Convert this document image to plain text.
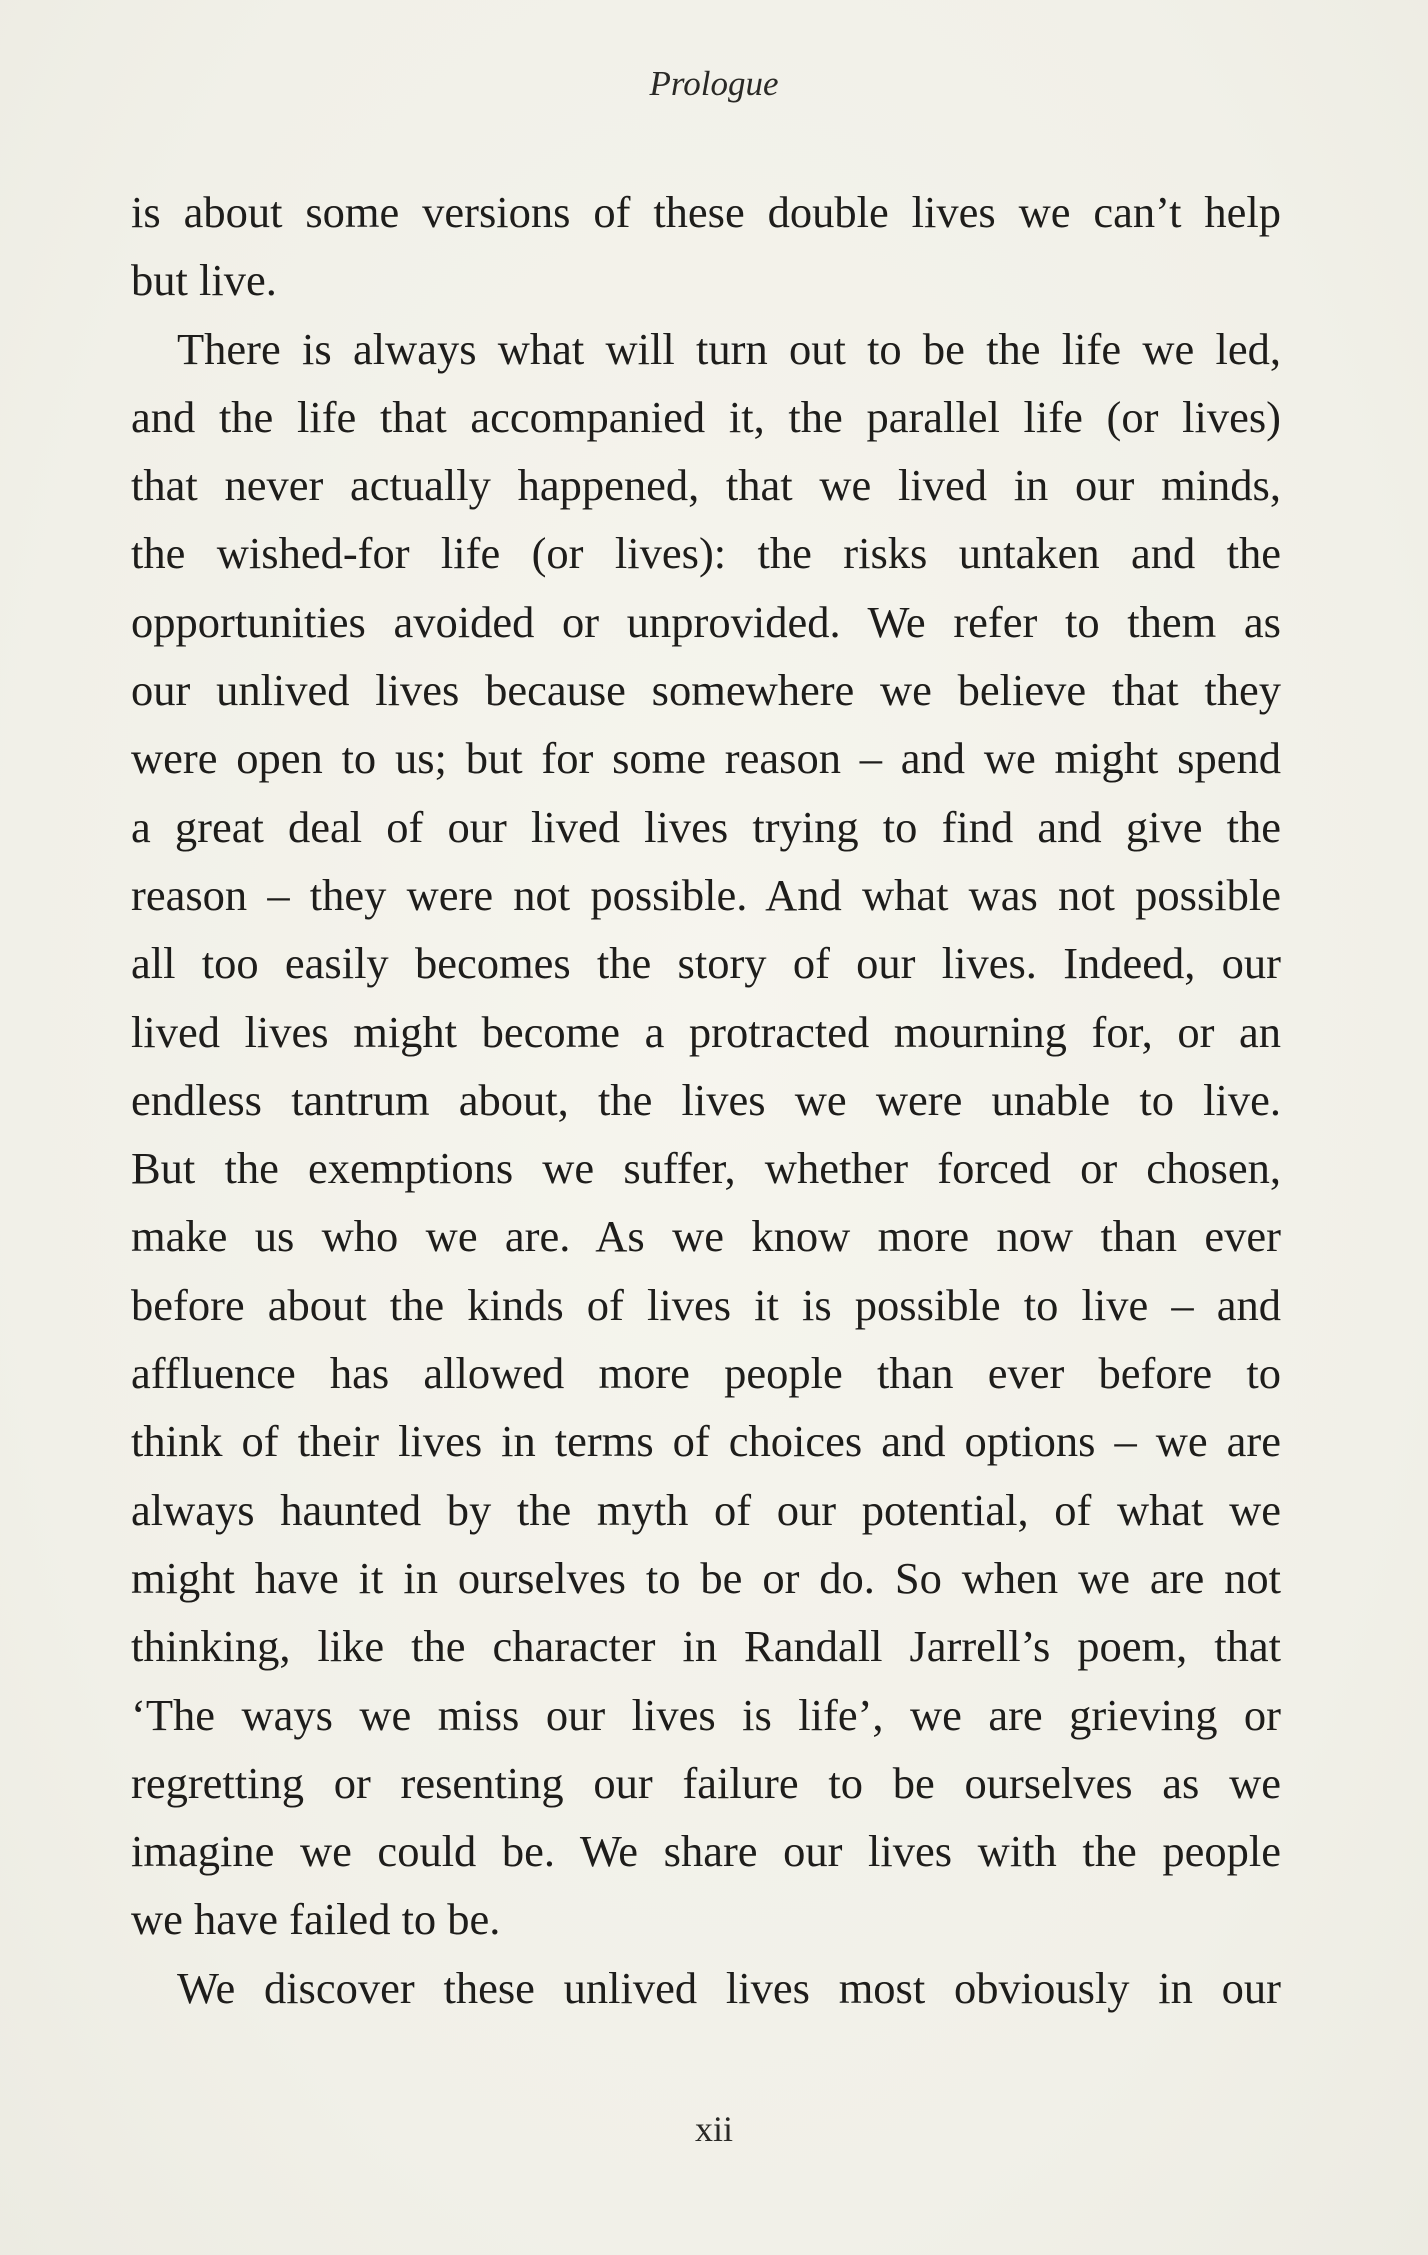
Prologue
is about some versions of these double lives we can’t help
but live.
There is always what will turn out to be the life we led,
and the life that accompanied it, the parallel life (or lives)
that never actually happened, that we lived in our minds,
the wished-for life (or lives): the risks untaken and the
opportunities avoided or unprovided. We refer to them as
our unlived lives because somewhere we believe that they
were open to us; but for some reason – and we might spend
a great deal of our lived lives trying to find and give the
reason – they were not possible. And what was not possible
all too easily becomes the story of our lives. Indeed, our
lived lives might become a protracted mourning for, or an
endless tantrum about, the lives we were unable to live.
But the exemptions we suffer, whether forced or chosen,
make us who we are. As we know more now than ever
before about the kinds of lives it is possible to live – and
affluence has allowed more people than ever before to
think of their lives in terms of choices and options – we are
always haunted by the myth of our potential, of what we
might have it in ourselves to be or do. So when we are not
thinking, like the character in Randall Jarrell’s poem, that
‘The ways we miss our lives is life’, we are grieving or
regretting or resenting our failure to be ourselves as we
imagine we could be. We share our lives with the people
we have failed to be.
We discover these unlived lives most obviously in our
xii
